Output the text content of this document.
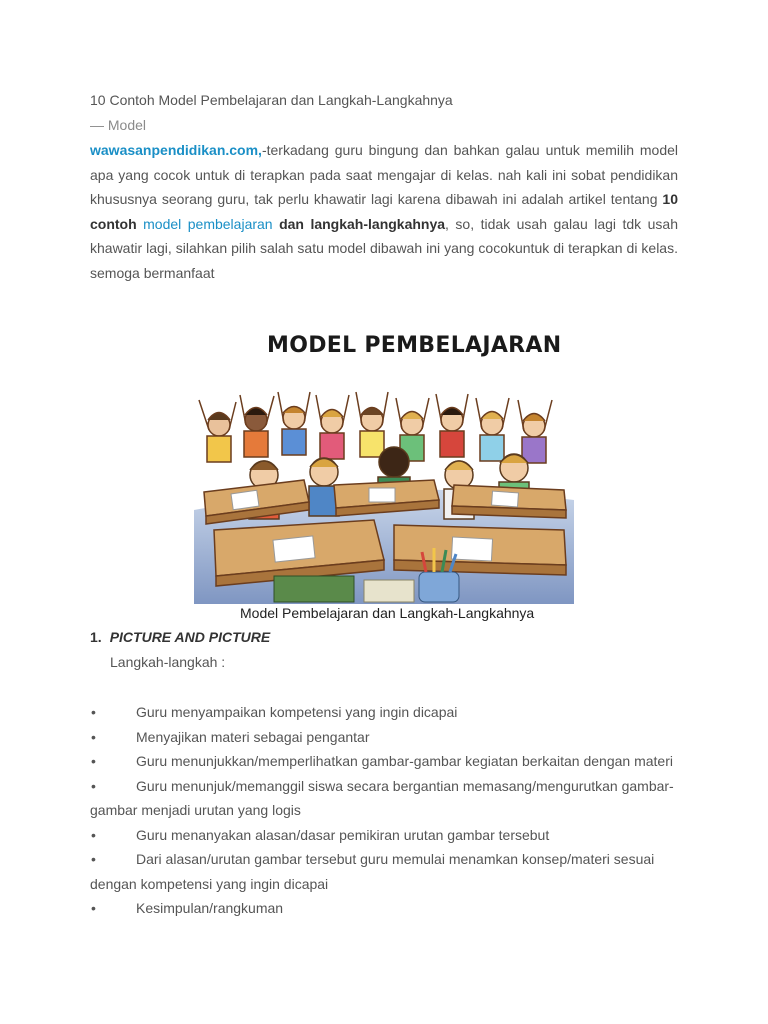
10 Contoh Model Pembelajaran dan Langkah-Langkahnya
— Model
wawasanpendidikan.com,-terkadang guru bingung dan bahkan galau untuk memilih model apa yang cocok untuk di terapkan pada saat mengajar di kelas. nah kali ini sobat pendidikan khususnya seorang guru, tak perlu khawatir lagi karena dibawah ini adalah artikel tentang 10 contoh model pembelajaran dan langkah-langkahnya, so, tidak usah galau lagi tdk usah khawatir lagi, silahkan pilih salah satu model dibawah ini yang cocokuntuk di terapkan di kelas. semoga bermanfaat
MODEL PEMBELAJARAN
Model Pembelajaran dan Langkah-Langkahnya
1. PICTURE AND PICTURE
Langkah-langkah :
•	Guru menyampaikan kompetensi yang ingin dicapai
•	Menyajikan materi sebagai pengantar
•	Guru menunjukkan/memperlihatkan gambar-gambar kegiatan berkaitan dengan materi
•	Guru menunjuk/memanggil siswa secara bergantian memasang/mengurutkan gambar-gambar menjadi urutan yang logis
•	Guru menanyakan alasan/dasar pemikiran urutan gambar tersebut
•	Dari alasan/urutan gambar tersebut guru memulai menamkan konsep/materi sesuai dengan kompetensi yang ingin dicapai
•	Kesimpulan/rangkuman
